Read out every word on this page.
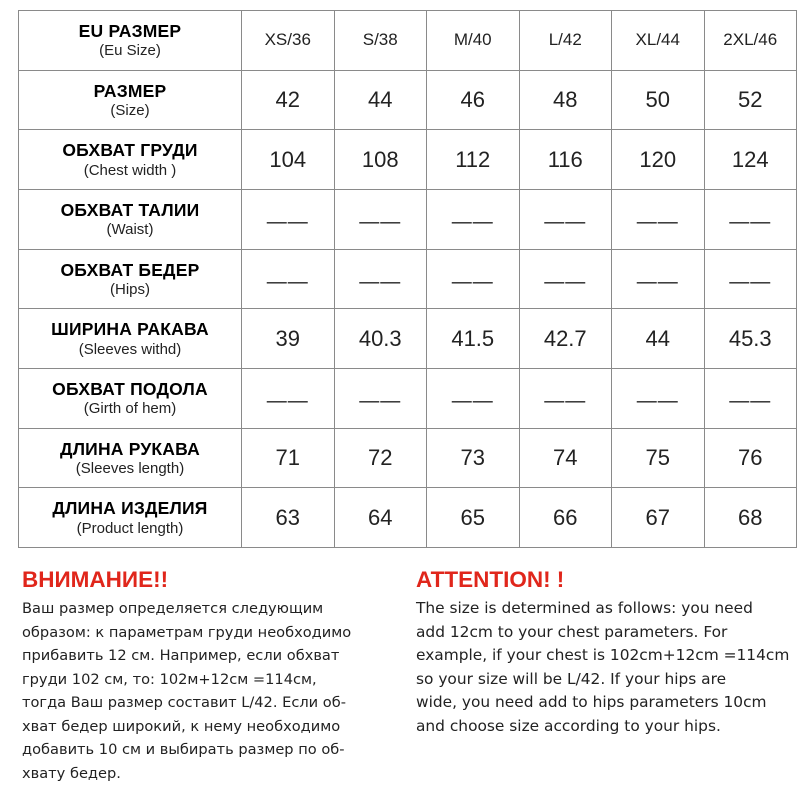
EU РАЗМЕР
(Eu Size)	XS/36	S/38	M/40	L/42	XL/44	2XL/46

РАЗМЕР
(Size)	42	44	46	48	50	52

ОБХВАТ ГРУДИ
(Chest width )	104	108	112	116	120	124

ОБХВАТ ТАЛИИ
(Waist)	——	——	——	——	——	——

ОБХВАТ БЕДЕР
(Hips)	——	——	——	——	——	——

ШИРИНА РАКАВА
(Sleeves withd)	39	40.3	41.5	42.7	44	45.3

ОБХВАТ ПОДОЛА
(Girth of hem)	——	——	——	——	——	——

ДЛИНА РУКАВА
(Sleeves length)	71	72	73	74	75	76

ДЛИНА ИЗДЕЛИЯ
(Product length)	63	64	65	66	67	68
ВНИМАНИЕ!!
Ваш размер определяется следующим
образом: к параметрам груди необходимо
прибавить 12 см. Например, если обхват
груди 102 см, то: 102м+12см =114см,
тогда Ваш размер составит L/42. Если об-
хват бедер широкий, к нему необходимо
добавить 10 см и выбирать размер по об-
хвату бедер.
ATTENTION! !
The size is determined as follows: you need
add 12cm to your chest parameters. For
example, if your chest is 102cm+12cm =114cm
so your size will be L/42. If your hips are
wide, you need add to hips parameters 10cm
and choose size according to your hips.
